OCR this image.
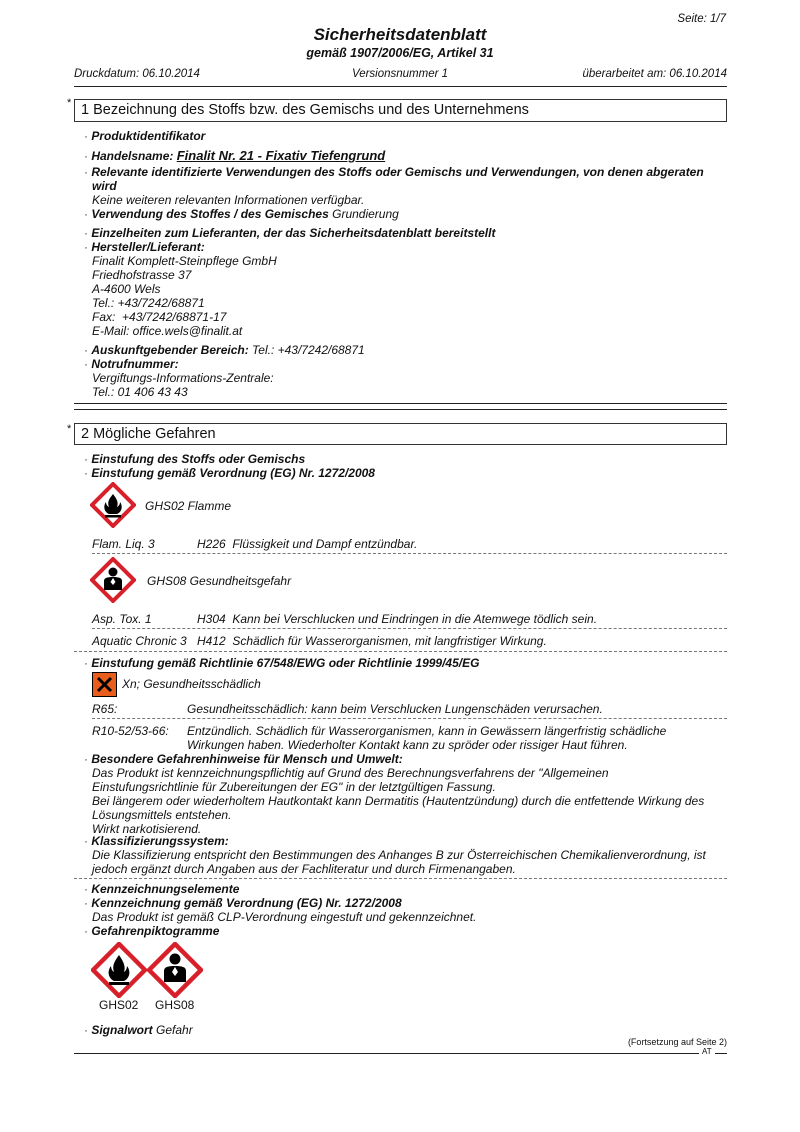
Seite: 1/7
Sicherheitsdatenblatt
gemäß 1907/2006/EG, Artikel 31
Druckdatum: 06.10.2014	Versionsnummer 1	überarbeitet am: 06.10.2014
* 1 Bezeichnung des Stoffs bzw. des Gemischs und des Unternehmens
· Produktidentifikator
· Handelsname: Finalit Nr. 21 - Fixativ Tiefengrund
· Relevante identifizierte Verwendungen des Stoffs oder Gemischs und Verwendungen, von denen abgeraten
wird
Keine weiteren relevanten Informationen verfügbar.
· Verwendung des Stoffes / des Gemisches Grundierung
· Einzelheiten zum Lieferanten, der das Sicherheitsdatenblatt bereitstellt
· Hersteller/Lieferant:
Finalit Komplett-Steinpflege GmbH
Friedhofstrasse 37
A-4600 Wels
Tel.: +43/7242/68871
Fax:  +43/7242/68871-17
E-Mail: office.wels@finalit.at
· Auskunftgebender Bereich: Tel.: +43/7242/68871
· Notrufnummer:
Vergiftungs-Informations-Zentrale:
Tel.: 01 406 43 43
* 2 Mögliche Gefahren
· Einstufung des Stoffs oder Gemischs
· Einstufung gemäß Verordnung (EG) Nr. 1272/2008
GHS02 Flamme
Flam. Liq. 3	H226  Flüssigkeit und Dampf entzündbar.
GHS08 Gesundheitsgefahr
Asp. Tox. 1	H304  Kann bei Verschlucken und Eindringen in die Atemwege tödlich sein.
Aquatic Chronic 3 H412  Schädlich für Wasserorganismen, mit langfristiger Wirkung.
· Einstufung gemäß Richtlinie 67/548/EWG oder Richtlinie 1999/45/EG
Xn; Gesundheitsschädlich
R65:	Gesundheitsschädlich: kann beim Verschlucken Lungenschäden verursachen.
R10-52/53-66: Entzündlich. Schädlich für Wasserorganismen, kann in Gewässern längerfristig schädliche
Wirkungen haben. Wiederholter Kontakt kann zu spröder oder rissiger Haut führen.
· Besondere Gefahrenhinweise für Mensch und Umwelt:
Das Produkt ist kennzeichnungspflichtig auf Grund des Berechnungsverfahrens der "Allgemeinen
Einstufungsrichtlinie für Zubereitungen der EG" in der letztgültigen Fassung.
Bei längerem oder wiederholtem Hautkontakt kann Dermatitis (Hautentzündung) durch die entfettende Wirkung des
Lösungsmittels entstehen.
Wirkt narkotisierend.
· Klassifizierungssystem:
Die Klassifizierung entspricht den Bestimmungen des Anhanges B zur Österreichischen Chemikalienverordnung, ist
jedoch ergänzt durch Angaben aus der Fachliteratur und durch Firmenangaben.
· Kennzeichnungselemente
· Kennzeichnung gemäß Verordnung (EG) Nr. 1272/2008
Das Produkt ist gemäß CLP-Verordnung eingestuft und gekennzeichnet.
· Gefahrenpiktogramme
GHS02 GHS08
· Signalwort Gefahr
(Fortsetzung auf Seite 2)
AT
